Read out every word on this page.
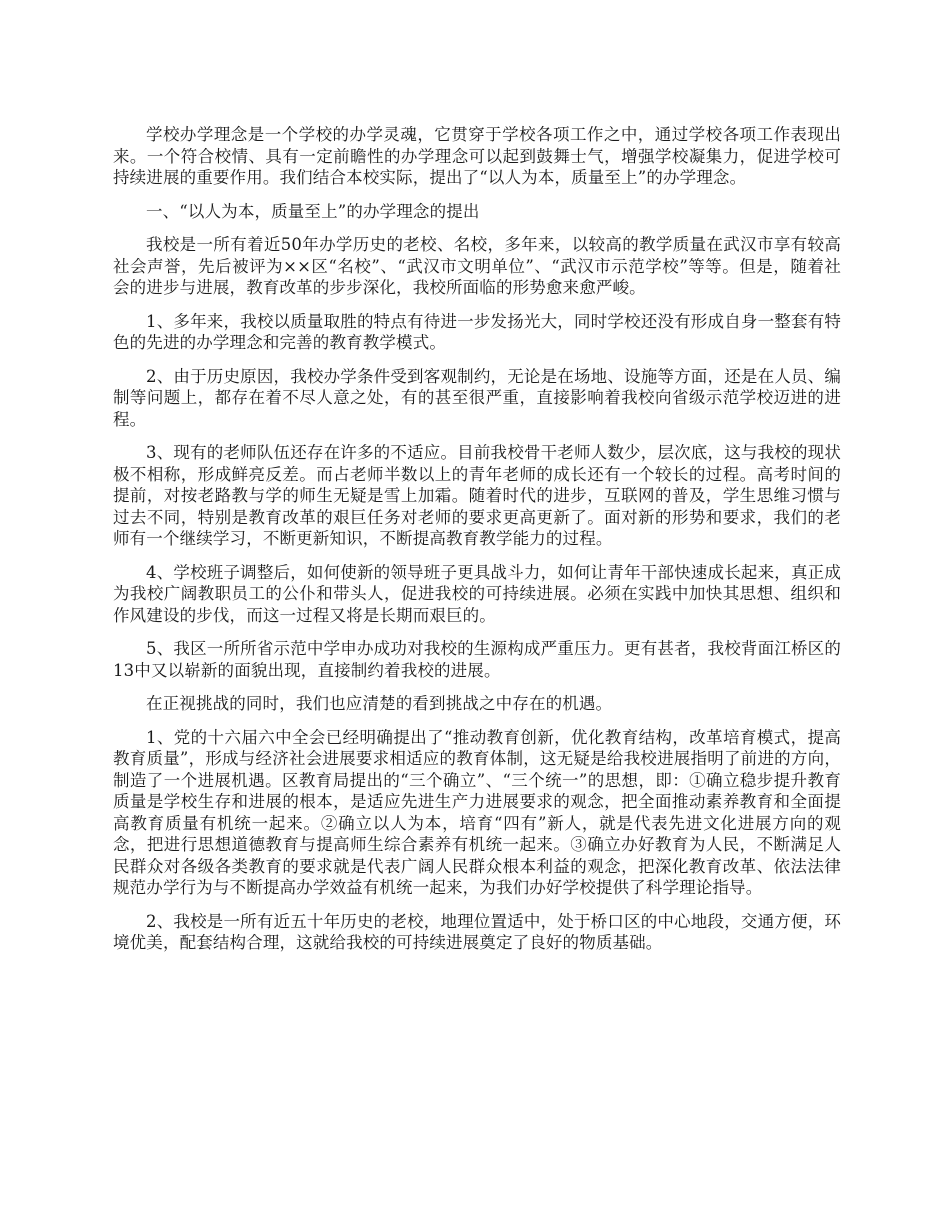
学校办学理念是一个学校的办学灵魂，它贯穿于学校各项工作之中，通过学校各项工作表现出来。一个符合校情、具有一定前瞻性的办学理念可以起到鼓舞士气，增强学校凝集力，促进学校可持续进展的重要作用。我们结合本校实际，提出了“以人为本，质量至上”的办学理念。

一、“以人为本，质量至上”的办学理念的提出

我校是一所有着近50年办学历史的老校、名校，多年来，以较高的教学质量在武汉市享有较高社会声誉，先后被评为××区“名校”、“武汉市文明单位”、“武汉市示范学校”等等。但是，随着社会的进步与进展，教育改革的步步深化，我校所面临的形势愈来愈严峻。

1、多年来，我校以质量取胜的特点有待进一步发扬光大，同时学校还没有形成自身一整套有特色的先进的办学理念和完善的教育教学模式。

2、由于历史原因，我校办学条件受到客观制约，无论是在场地、设施等方面，还是在人员、编制等问题上，都存在着不尽人意之处，有的甚至很严重，直接影响着我校向省级示范学校迈进的进程。

3、现有的老师队伍还存在许多的不适应。目前我校骨干老师人数少，层次底，这与我校的现状极不相称，形成鲜亮反差。而占老师半数以上的青年老师的成长还有一个较长的过程。高考时间的提前，对按老路教与学的师生无疑是雪上加霜。随着时代的进步，互联网的普及，学生思维习惯与过去不同，特别是教育改革的艰巨任务对老师的要求更高更新了。面对新的形势和要求，我们的老师有一个继续学习，不断更新知识，不断提高教育教学能力的过程。

4、学校班子调整后，如何使新的领导班子更具战斗力，如何让青年干部快速成长起来，真正成为我校广阔教职员工的公仆和带头人，促进我校的可持续进展。必须在实践中加快其思想、组织和作风建设的步伐，而这一过程又将是长期而艰巨的。

5、我区一所所省示范中学申办成功对我校的生源构成严重压力。更有甚者，我校背面江桥区的13中又以崭新的面貌出现，直接制约着我校的进展。

在正视挑战的同时，我们也应清楚的看到挑战之中存在的机遇。

1、党的十六届六中全会已经明确提出了“推动教育创新，优化教育结构，改革培育模式，提高教育质量”，形成与经济社会进展要求相适应的教育体制，这无疑是给我校进展指明了前进的方向，制造了一个进展机遇。区教育局提出的“三个确立”、“三个统一”的思想，即：①确立稳步提升教育质量是学校生存和进展的根本，是适应先进生产力进展要求的观念，把全面推动素养教育和全面提高教育质量有机统一起来。②确立以人为本，培育“四有”新人，就是代表先进文化进展方向的观念，把进行思想道德教育与提高师生综合素养有机统一起来。③确立办好教育为人民，不断满足人民群众对各级各类教育的要求就是代表广阔人民群众根本利益的观念，把深化教育改革、依法法律规范办学行为与不断提高办学效益有机统一起来，为我们办好学校提供了科学理论指导。

2、我校是一所有近五十年历史的老校，地理位置适中，处于桥口区的中心地段，交通方便，环境优美，配套结构合理，这就给我校的可持续进展奠定了良好的物质基础。
